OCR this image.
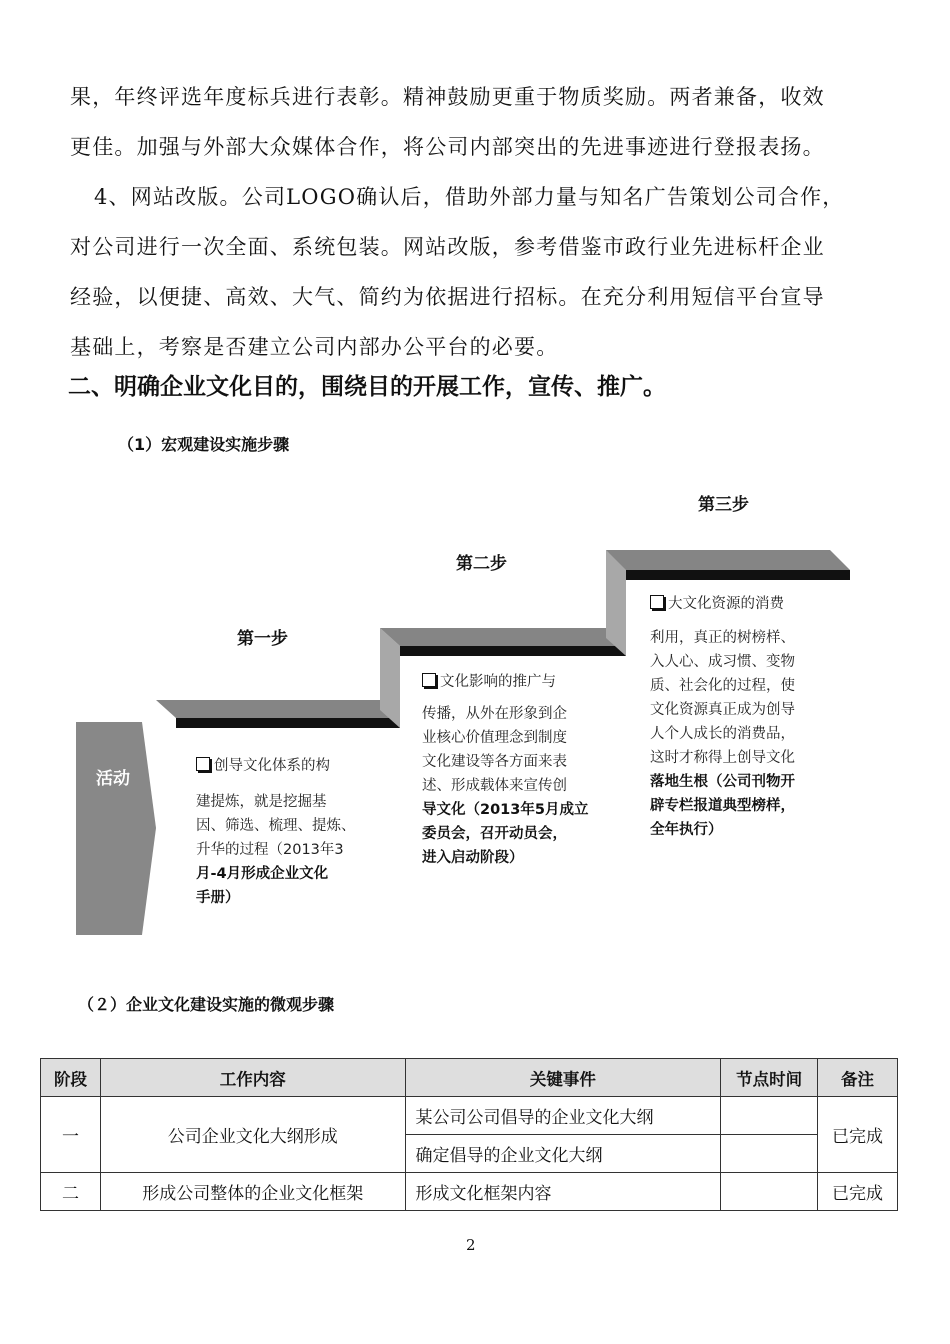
果，年终评选年度标兵进行表彰。精神鼓励更重于物质奖励。两者兼备，收效
更佳。加强与外部大众媒体合作，将公司内部突出的先进事迹进行登报表扬。

4、网站改版。公司LOGO确认后，借助外部力量与知名广告策划公司合作，
对公司进行一次全面、系统包装。网站改版，参考借鉴市政行业先进标杆企业
经验，以便捷、高效、大气、简约为依据进行招标。在充分利用短信平台宣导
基础上，考察是否建立公司内部办公平台的必要。

二、明确企业文化目的，围绕目的开展工作，宣传、推广。
（1）宏观建设实施步骤
活动
第一步
第二步
第三步
创导文化体系的构
建提炼，就是挖掘基
因、筛选、梳理、提炼、
升华的过程（2013年3
月-4月形成企业文化
手册）
文化影响的推广与
传播，从外在形象到企
业核心价值理念到制度
文化建设等各方面来表
述、形成载体来宣传创
导文化（2013年5月成立
委员会，召开动员会，
进入启动阶段）
大文化资源的消费
利用，真正的树榜样、
入人心、成习惯、变物
质、社会化的过程，使
文化资源真正成为创导
人个人成长的消费品，
这时才称得上创导文化
落地生根（公司刊物开
辟专栏报道典型榜样，
全年执行）
（２）企业文化建设实施的微观步骤
阶段	工作内容	关键事件	节点时间	备注
一	公司企业文化大纲形成	某公司公司倡导的企业文化大纲		已完成
		确定倡导的企业文化大纲		
二	形成公司整体的企业文化框架	形成文化框架内容		已完成
2
